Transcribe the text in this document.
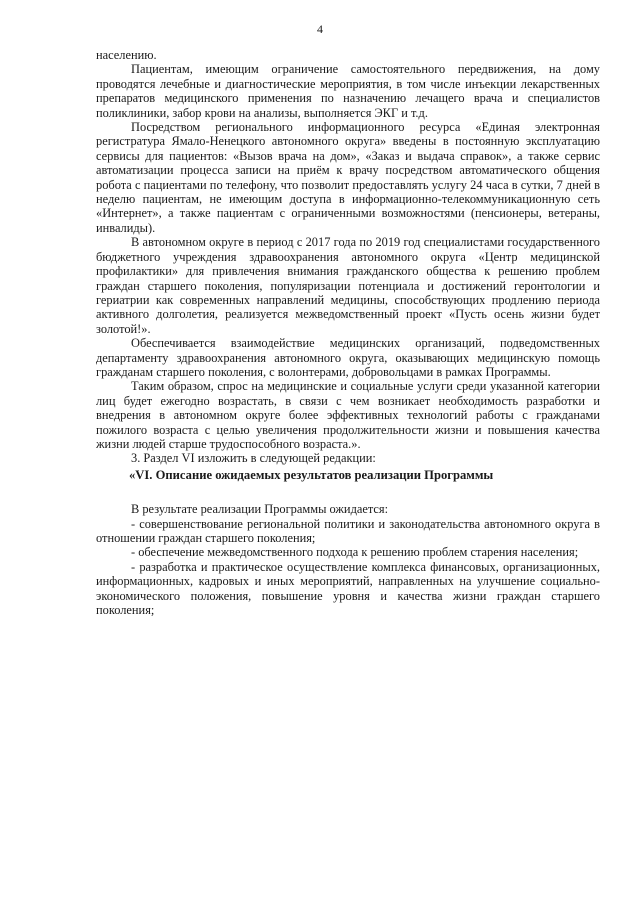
4

населению.

Пациентам, имеющим ограничение самостоятельного передвижения, на дому проводятся лечебные и диагностические мероприятия, в том числе инъекции лекарственных препаратов медицинского применения по назначению лечащего врача и специалистов поликлиники, забор крови на анализы, выполняется ЭКГ и т.д.

Посредством регионального информационного ресурса «Единая электронная регистратура Ямало-Ненецкого автономного округа» введены в постоянную эксплуатацию сервисы для пациентов: «Вызов врача на дом», «Заказ и выдача справок», а также сервис автоматизации процесса записи на приём к врачу посредством автоматического общения робота с пациентами по телефону, что позволит предоставлять услугу 24 часа в сутки, 7 дней в неделю пациентам, не имеющим доступа в информационно-телекоммуникационную сеть «Интернет», а также пациентам с ограниченными возможностями (пенсионеры, ветераны, инвалиды).

В автономном округе в период с 2017 года по 2019 год специалистами государственного бюджетного учреждения здравоохранения автономного округа «Центр медицинской профилактики» для привлечения внимания гражданского общества к решению проблем граждан старшего поколения, популяризации потенциала и достижений геронтологии и гериатрии как современных направлений медицины, способствующих продлению периода активного долголетия, реализуется межведомственный проект «Пусть осень жизни будет золотой!».

Обеспечивается взаимодействие медицинских организаций, подведомственных департаменту здравоохранения автономного округа, оказывающих медицинскую помощь гражданам старшего поколения, с волонтерами, добровольцами в рамках Программы.

Таким образом, спрос на медицинские и социальные услуги среди указанной категории лиц будет ежегодно возрастать, в связи с чем возникает необходимость разработки и внедрения в автономном округе более эффективных технологий работы с гражданами пожилого возраста с целью увеличения продолжительности жизни и повышения качества жизни людей старше трудоспособного возраста.».

3. Раздел VI изложить в следующей редакции:

«VI. Описание ожидаемых результатов реализации Программы

В результате реализации Программы ожидается:

- совершенствование региональной политики и законодательства автономного округа в отношении граждан старшего поколения;

- обеспечение межведомственного подхода к решению проблем старения населения;

- разработка и практическое осуществление комплекса финансовых, организационных, информационных, кадровых и иных мероприятий, направленных на улучшение социально-экономического положения, повышение уровня и качества жизни граждан старшего поколения;
